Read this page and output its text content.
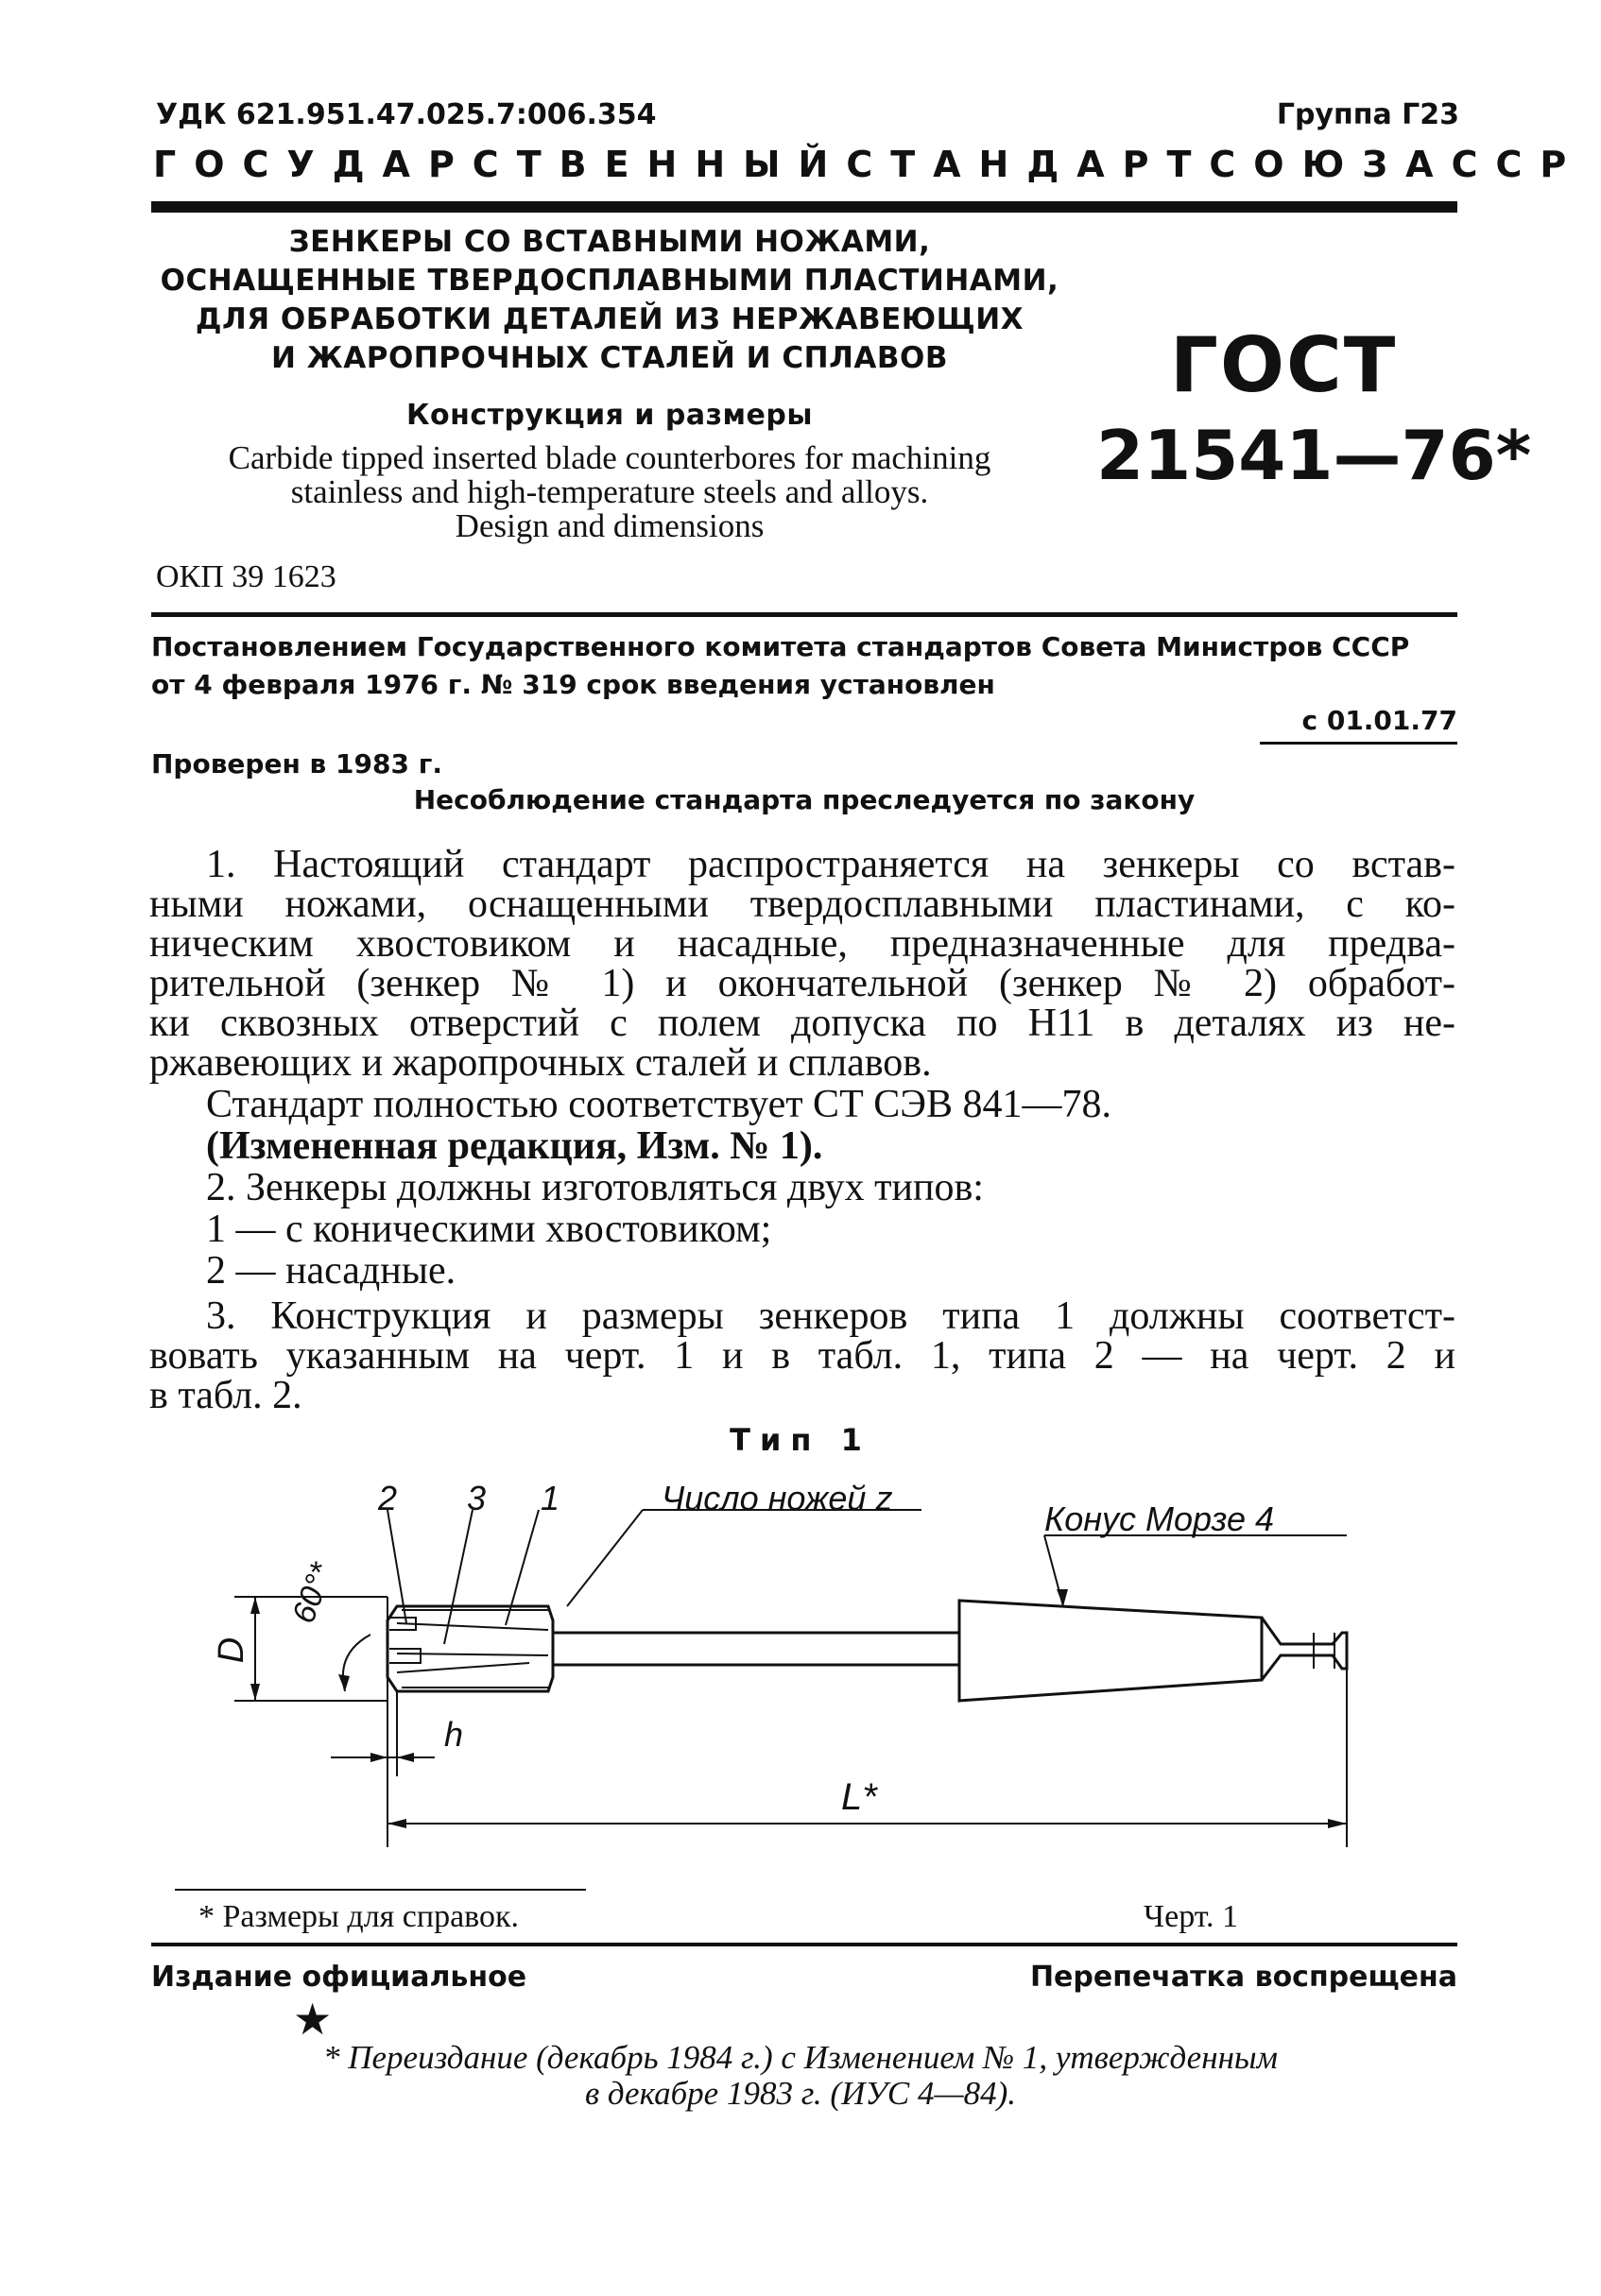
УДК 621.951.47.025.7:006.354	Группа Г23
ГОСУДАРСТВЕННЫЙ СТАНДАРТ СОЮЗА ССР
ЗЕНКЕРЫ СО ВСТАВНЫМИ НОЖАМИ,
ОСНАЩЕННЫЕ ТВЕРДОСПЛАВНЫМИ ПЛАСТИНАМИ,
ДЛЯ ОБРАБОТКИ ДЕТАЛЕЙ ИЗ НЕРЖАВЕЮЩИХ
И ЖАРОПРОЧНЫХ СТАЛЕЙ И СПЛАВОВ
Конструкция и размеры
Carbide tipped inserted blade counterbores for machining
stainless and high-temperature steels and alloys.
Design and dimensions
ОКП 39 1623
ГОСТ
21541—76*
Постановлением Государственного комитета стандартов Совета Министров СССР
от 4 февраля 1976 г. № 319 срок введения установлен
с 01.01.77
Проверен в 1983 г.
Несоблюдение стандарта преследуется по закону
1. Настоящий стандарт распространяется на зенкеры со встав-
ными ножами, оснащенными твердосплавными пластинами, с ко-
ническим хвостовиком и насадные, предназначенные для предва-
рительной (зенкер № 1) и окончательной (зенкер № 2) обработ-
ки сквозных отверстий с полем допуска по Н11 в деталях из не-
ржавеющих и жаропрочных сталей и сплавов.
Стандарт полностью соответствует СТ СЭВ 841—78.
(Измененная редакция, Изм. № 1).
2. Зенкеры должны изготовляться двух типов:
1 — с коническими хвостовиком;
2 — насадные.
3. Конструкция и размеры зенкеров типа 1 должны соответст-
вовать указанным на черт. 1 и в табл. 1, типа 2 — на черт. 2 и
в табл. 2.
Тип 1
2 3 1	Число ножей z
Конус Морзе 4
D
60°*
h
L*
* Размеры для справок.	Черт. 1
Издание официальное	Перепечатка воспрещена
★
* Переиздание (декабрь 1984 г.) с Изменением № 1, утвержденным
в декабре 1983 г. (ИУС 4—84).
